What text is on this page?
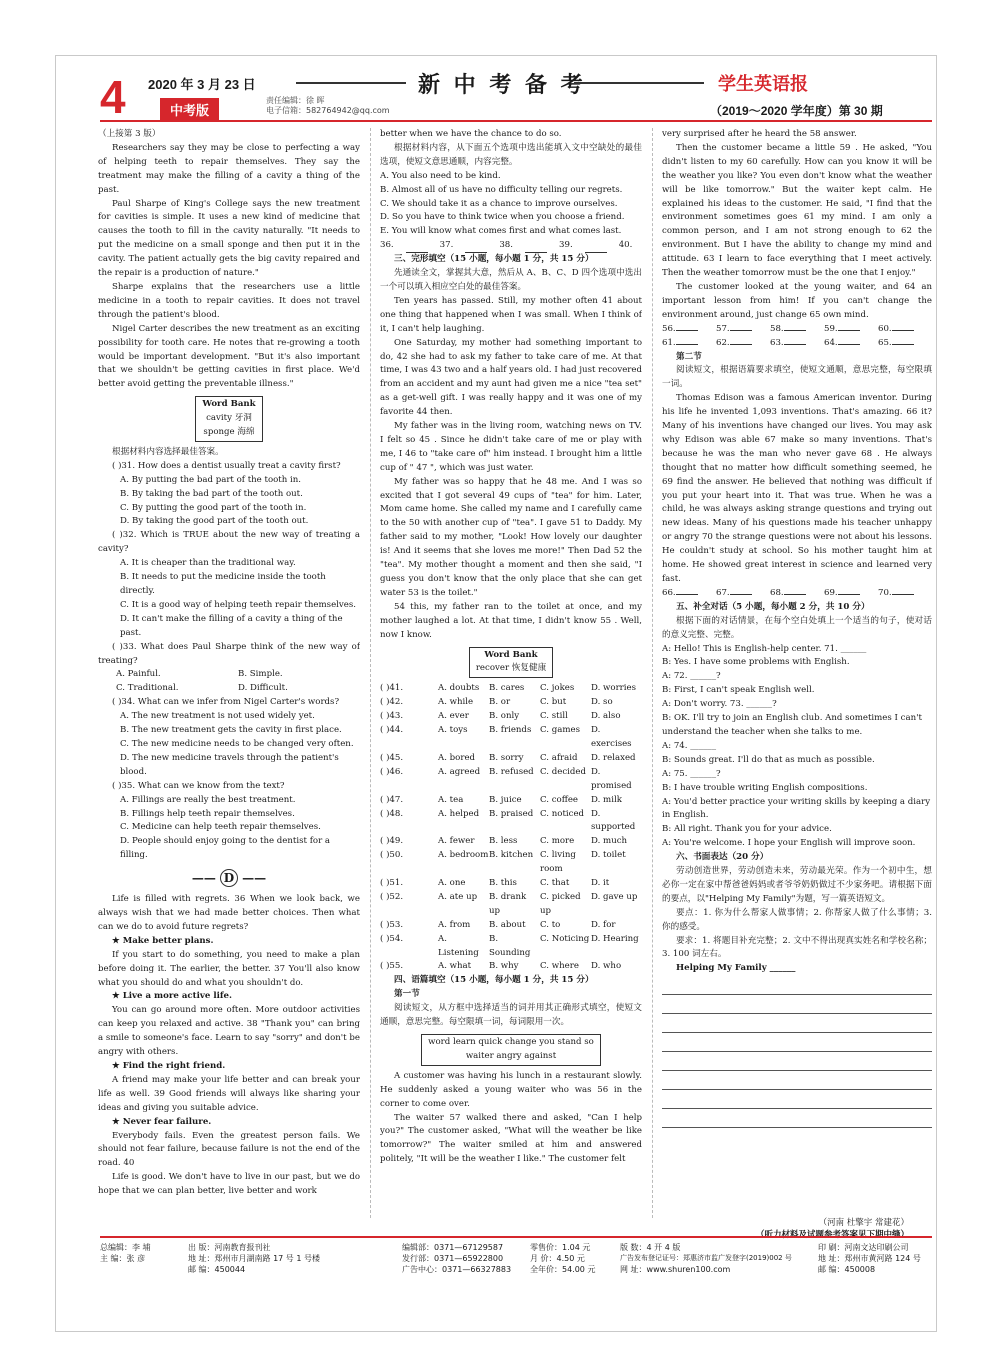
4 2020 年 3 月 23 日	新 中 考 备 考	学生英语报
中考版
责任编辑：徐 晖
电子信箱：582764942@qq.com	（2019～2020 学年度）第 30 期

（上接第 3 版）

Researchers say they may be close to perfecting a way of helping teeth to repair themselves. They say the treatment may make the filling of a cavity a thing of the past.

Paul Sharpe of King's College says the new treatment for cavities is simple. It uses a new kind of medicine that causes the tooth to fill in the cavity naturally. "It needs to put the medicine on a small sponge and then put it in the cavity. The patient actually gets the big cavity repaired and the repair is a production of nature."

Sharpe explains that the researchers use a little medicine in a tooth to repair cavities. It does not travel through the patient's blood.

Nigel Carter describes the new treatment as an exciting possibility for tooth care. He notes that re-growing a tooth would be important development. "But it's also important that we shouldn't be getting cavities in first place. We'd better avoid getting the preventable illness."

Word Bank
cavity 牙洞
sponge 海绵

根据材料内容选择最佳答案。

( )31. How does a dentist usually treat a cavity first?

A. By putting the bad part of the tooth in.
B. By taking the bad part of the tooth out.
C. By putting the good part of the tooth in.
D. By taking the good part of the tooth out.

( )32. Which is TRUE about the new way of treating a cavity?

A. It is cheaper than the traditional way.
B. It needs to put the medicine inside the tooth directly.
C. It is a good way of helping teeth repair themselves.
D. It can't make the filling of a cavity a thing of the past.

( )33. What does Paul Sharpe think of the new way of treating?

A. Painful.	B. Simple.
C. Traditional.	D. Difficult.

( )34. What can we infer from Nigel Carter's words?

A. The new treatment is not used widely yet.
B. The new treatment gets the cavity in first place.
C. The new medicine needs to be changed very often.
D. The new medicine travels through the patient's blood.

( )35. What can we know from the text?

A. Fillings are really the best treatment.
B. Fillings help teeth repair themselves.
C. Medicine can help teeth repair themselves.
D. People should enjoy going to the dentist for a filling.
—— D ——

Life is filled with regrets. 36 When we look back, we always wish that we had made better choices. Then what can we do to avoid future regrets?

★ Make better plans.

If you start to do something, you need to make a plan before doing it. The earlier, the better. 37 You'll also know what you should do and what you shouldn't do.

★ Live a more active life.

You can go around more often. More outdoor activities can keep you relaxed and active. 38 "Thank you" can bring a smile to someone's face. Learn to say "sorry" and don't be angry with others.

★ Find the right friend.

A friend may make your life better and can break your life as well. 39 Good friends will always like sharing your ideas and giving you suitable advice.

★ Never fear failure.

Everybody fails. Even the greatest person fails. We should not fear failure, because failure is not the end of the road. 40

Life is good. We don't have to live in our past, but we do hope that we can plan better, live better and work

better when we have the chance to do so.

根据材料内容，从下面五个选项中选出能填入文中空缺处的最佳选项，使短文意思通顺，内容完整。

A. You also need to be kind.
B. Almost all of us have no difficulty telling our regrets.
C. We should take it as a chance to improve ourselves.
D. So you have to think twice when you choose a friend.
E. You will know what comes first and what comes last.
36.	37.	38.	39.	40.

三、完形填空（15 小题，每小题 1 分，共 15 分）

先通读全文，掌握其大意，然后从 A、B、C、D 四个选项中选出一个可以填入相应空白处的最佳答案。

Ten years has passed. Still, my mother often 41 about one thing that happened when I was small. When I think of it, I can't help laughing.

One Saturday, my mother had something important to do, 42 she had to ask my father to take care of me. At that time, I was 43 two and a half years old. I had just recovered from an accident and my aunt had given me a nice "tea set" as a get-well gift. I was really happy and it was one of my favorite 44 then.

My father was in the living room, watching news on TV. I felt so 45 . Since he didn't take care of me or play with me, I 46 to "take care of" him instead. I brought him a little cup of " 47 ", which was just water.

My father was so happy that he 48 me. And I was so excited that I got several 49 cups of "tea" for him. Later, Mom came home. She called my name and I carefully came to the 50 with another cup of "tea". I gave 51 to Daddy. My father said to my mother, "Look! How lovely our daughter is! And it seems that she loves me more!" Then Dad 52 the "tea". My mother thought a moment and then she said, "I guess you don't know that the only place that she can get water 53 is the toilet."

54 this, my father ran to the toilet at once, and my mother laughed a lot. At that time, I didn't know 55 . Well, now I know.

Word Bank
recover 恢复健康
( )41.	A. doubts	B. cares	C. jokes	D. worries
( )42.	A. while	B. or	C. but	D. so
( )43.	A. ever	B. only	C. still	D. also
( )44.	A. toys	B. friends	C. games	D. exercises
( )45.	A. bored	B. sorry	C. afraid	D. relaxed
( )46.	A. agreed	B. refused C. decided D. promised
( )47.	A. tea	B. juice	C. coffee	D. milk
( )48.	A. helped	B. praised C. noticed D. supported
( )49.	A. fewer	B. less	C. more	D. much
( )50.	A. bedroom B. kitchen C. living room
D. toilet
( )51.	A. one	B. this	C. that	D. it
( )52.	A. ate up	B. drank up
C. picked up
D. gave up
( )53.	A. from	B. about	C. to	D. for
( )54.	A. Listening
B. Sounding
C. Noticing D. Hearing
( )55.	A. what	B. why	C. where	D. who

四、语篇填空（15 小题，每小题 1 分，共 15 分）

第一节

阅读短文，从方框中选择适当的词并用其正确形式填空，使短文通顺，意思完整。每空限填一词，每词限用一次。

word learn quick change you stand so
waiter angry against

A customer was having his lunch in a restaurant slowly. He suddenly asked a young waiter who was 56 in the corner to come over.

The waiter 57 walked there and asked, "Can I help you?" The customer asked, "What will the weather be like tomorrow?" The waiter smiled at him and answered politely, "It will be the weather I like." The customer felt

very surprised after he heard the 58 answer.

Then the customer became a little 59 . He asked, "You didn't listen to my 60 carefully. How can you know it will be the weather you like? You even don't know what the weather will be like tomorrow." But the waiter kept calm. He explained his ideas to the customer. He said, "I find that the environment sometimes goes 61 my mind. I am only a common person, and I am not strong enough to 62 the environment. But I have the ability to change my mind and attitude. 63 I learn to face everything that I meet actively. Then the weather tomorrow must be the one that I enjoy."

The customer looked at the young waiter, and 64 an important lesson from him! If you can't change the environment around, just change 65 own mind.

56.	57.	58.	59.	60.
61.	62.	63.	64.	65.

第二节

阅读短文，根据语篇要求填空，使短文通顺，意思完整，每空限填一词。

Thomas Edison was a famous American inventor. During his life he invented 1,093 inventions. That's amazing. 66 it? Many of his inventions have changed our lives. You may ask why Edison was able 67 make so many inventions. That's because he was the man who never gave 68 . He always thought that no matter how difficult something seemed, he 69 find the answer. He believed that nothing was difficult if you put your heart into it. That was true. When he was a child, he was always asking strange questions and trying out new ideas. Many of his questions made his teacher unhappy or angry 70 the strange questions were not about his lessons. He couldn't study at school. So his mother taught him at home. He showed great interest in science and learned very fast.

66.	67.	68.	69.	70.

五、补全对话（5 小题，每小题 2 分，共 10 分）

根据下面的对话情景，在每个空白处填上一个适当的句子，使对话的意义完整、完整。

A: Hello! This is English-help center. 71. ______
B: Yes. I have some problems with English.
A: 72. ______?
B: First, I can't speak English well.
A: Don't worry. 73. ______?
B: OK. I'll try to join an English club. And sometimes I can't understand the teacher when she talks to me.
A: 74. ______
B: Sounds great. I'll do that as much as possible.
A: 75. ______?
B: I have trouble writing English compositions.
A: You'd better practice your writing skills by keeping a diary in English.
B: All right. Thank you for your advice.
A: You're welcome. I hope your English will improve soon.

六、书面表达（20 分）

劳动创造世界，劳动创造未来，劳动最光荣。作为一个初中生，想必你一定在家中帮爸爸妈妈或者爷爷奶奶做过不少家务吧。请根据下面的要点，以"Helping My Family"为题，写一篇英语短文。

要点：1. 你为什么帮家人做事情；2. 你帮家人做了什么事情；3. 你的感受。

要求：1. 将题目补充完整；2. 文中不得出现真实姓名和学校名称；3. 100 词左右。

Helping My Family ______

（河南 杜擎宇 常建花）
（听力材料及试题参考答案见下期中缝）
总编辑：李 埔
主 编：张 彦
出 版：河南教育报刊社
地 址：郑州市月湖南路 17 号 1 号楼
邮 编：450044
编辑部：0371—67129587
发行部：0371—65922800
广告中心：0371—66327883
零售价：1.04 元
月 价：4.50 元
全年价：54.00 元
版 数：4 开 4 版
广告发布登记证号：郑惠济市监广发登字(2019)002 号
网 址：www.shuren100.com
印 刷：河南文达印刷公司
地 址：郑州市黄河路 124 号
邮 编：450008
